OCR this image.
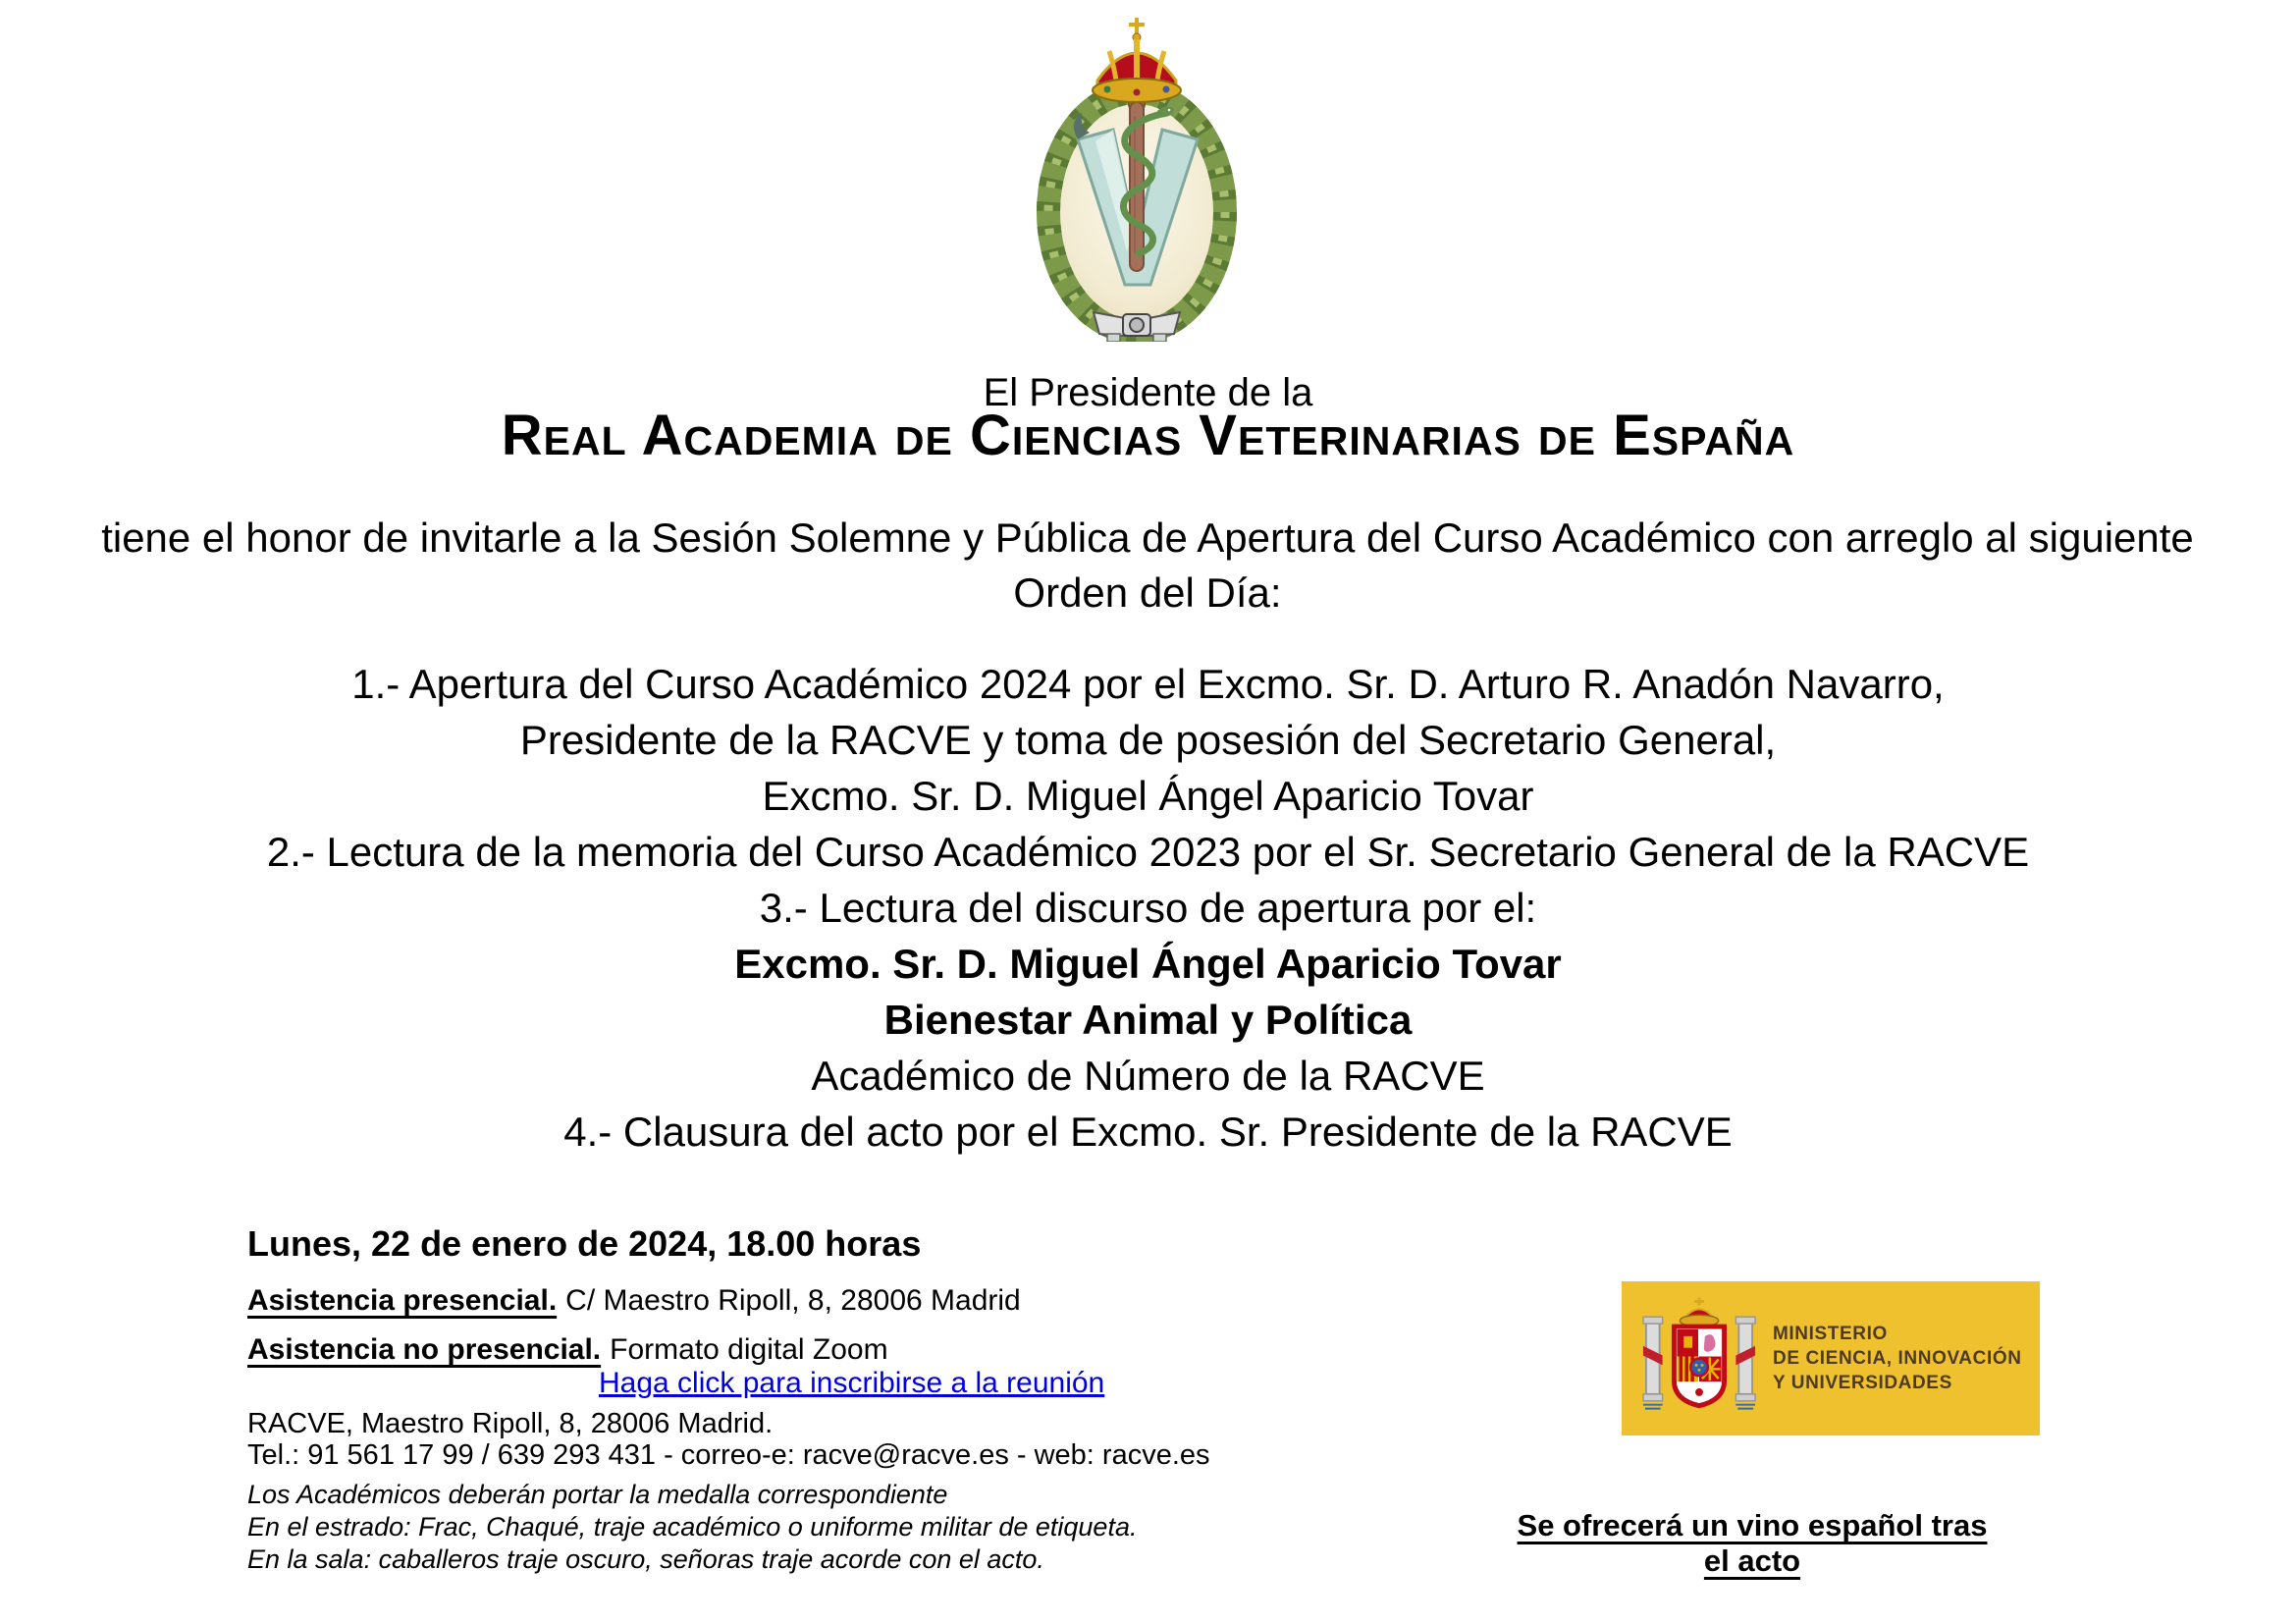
El Presidente de la
Real Academia de Ciencias Veterinarias de España
tiene el honor de invitarle a la Sesión Solemne y Pública de Apertura del Curso Académico con arreglo al siguiente Orden del Día:
1.- Apertura del Curso Académico 2024 por el Excmo. Sr. D. Arturo R. Anadón Navarro,
Presidente de la RACVE y toma de posesión del Secretario General,
Excmo. Sr. D. Miguel Ángel Aparicio Tovar
2.- Lectura de la memoria del Curso Académico 2023 por el Sr. Secretario General de la RACVE
3.- Lectura del discurso de apertura por el:
Excmo. Sr. D. Miguel Ángel Aparicio Tovar
Bienestar Animal y Política
Académico de Número de la RACVE
4.- Clausura del acto por el Excmo. Sr. Presidente de la RACVE
Lunes, 22 de enero de 2024, 18.00 horas
Asistencia presencial. C/ Maestro Ripoll, 8, 28006 Madrid
Asistencia no presencial. Formato digital Zoom
Haga click para inscribirse a la reunión
RACVE, Maestro Ripoll, 8, 28006 Madrid.
Tel.: 91 561 17 99 / 639 293 431 - correo-e: racve@racve.es - web: racve.es
Los Académicos deberán portar la medalla correspondiente
En el estrado: Frac, Chaqué, traje académico o uniforme militar de etiqueta.
En la sala: caballeros traje oscuro, señoras traje acorde con el acto.
MINISTERIO
DE CIENCIA, INNOVACIÓN
Y UNIVERSIDADES
Se ofrecerá un vino español tras el acto
